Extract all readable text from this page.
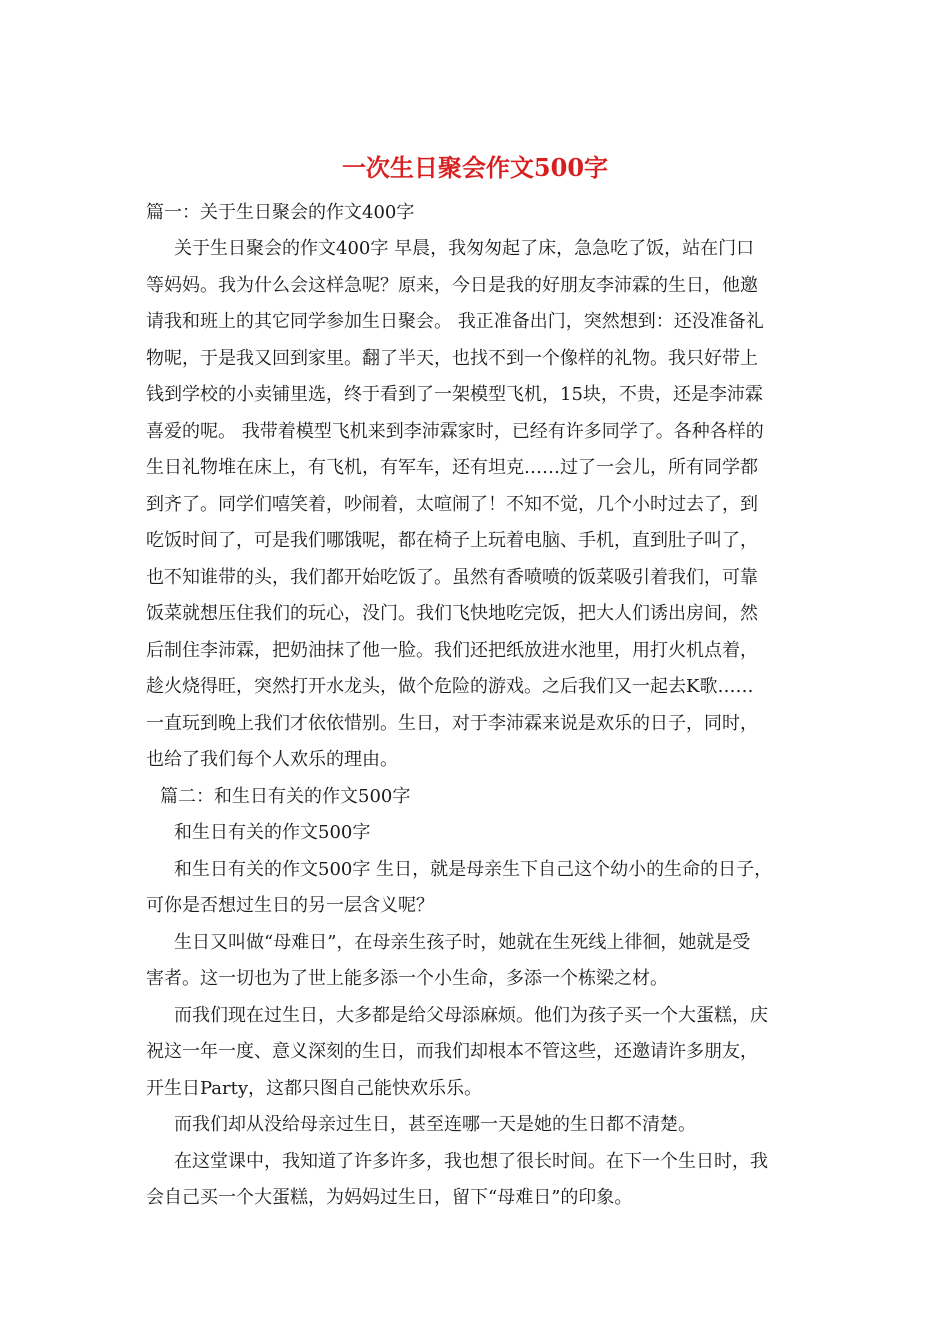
一次生日聚会作文500字

篇一：关于生日聚会的作文400字

关于生日聚会的作文400字 早晨，我匆匆起了床，急急吃了饭，站在门口

等妈妈。我为什么会这样急呢？原来，今日是我的好朋友李沛霖的生日，他邀

请我和班上的其它同学参加生日聚会。 我正准备出门，突然想到：还没准备礼

物呢，于是我又回到家里。翻了半天，也找不到一个像样的礼物。我只好带上

钱到学校的小卖铺里选，终于看到了一架模型飞机，15块，不贵，还是李沛霖

喜爱的呢。 我带着模型飞机来到李沛霖家时，已经有许多同学了。各种各样的

生日礼物堆在床上，有飞机，有军车，还有坦克……过了一会儿，所有同学都

到齐了。同学们嘻笑着，吵闹着，太喧闹了！不知不觉，几个小时过去了，到

吃饭时间了，可是我们哪饿呢，都在椅子上玩着电脑、手机，直到肚子叫了，

也不知谁带的头，我们都开始吃饭了。虽然有香喷喷的饭菜吸引着我们，可靠

饭菜就想压住我们的玩心，没门。我们飞快地吃完饭，把大人们诱出房间，然

后制住李沛霖，把奶油抹了他一脸。我们还把纸放进水池里，用打火机点着，

趁火烧得旺，突然打开水龙头，做个危险的游戏。之后我们又一起去K歌……

一直玩到晚上我们才依依惜别。生日，对于李沛霖来说是欢乐的日子，同时，

也给了我们每个人欢乐的理由。

篇二：和生日有关的作文500字

和生日有关的作文500字

和生日有关的作文500字 生日，就是母亲生下自己这个幼小的生命的日子，

可你是否想过生日的另一层含义呢？

生日又叫做“母难日”，在母亲生孩子时，她就在生死线上徘徊，她就是受

害者。这一切也为了世上能多添一个小生命，多添一个栋梁之材。

而我们现在过生日，大多都是给父母添麻烦。他们为孩子买一个大蛋糕，庆

祝这一年一度、意义深刻的生日，而我们却根本不管这些，还邀请许多朋友，

开生日Party，这都只图自己能快欢乐乐。

而我们却从没给母亲过生日，甚至连哪一天是她的生日都不清楚。

在这堂课中，我知道了许多许多，我也想了很长时间。在下一个生日时，我

会自己买一个大蛋糕，为妈妈过生日，留下“母难日”的印象。
